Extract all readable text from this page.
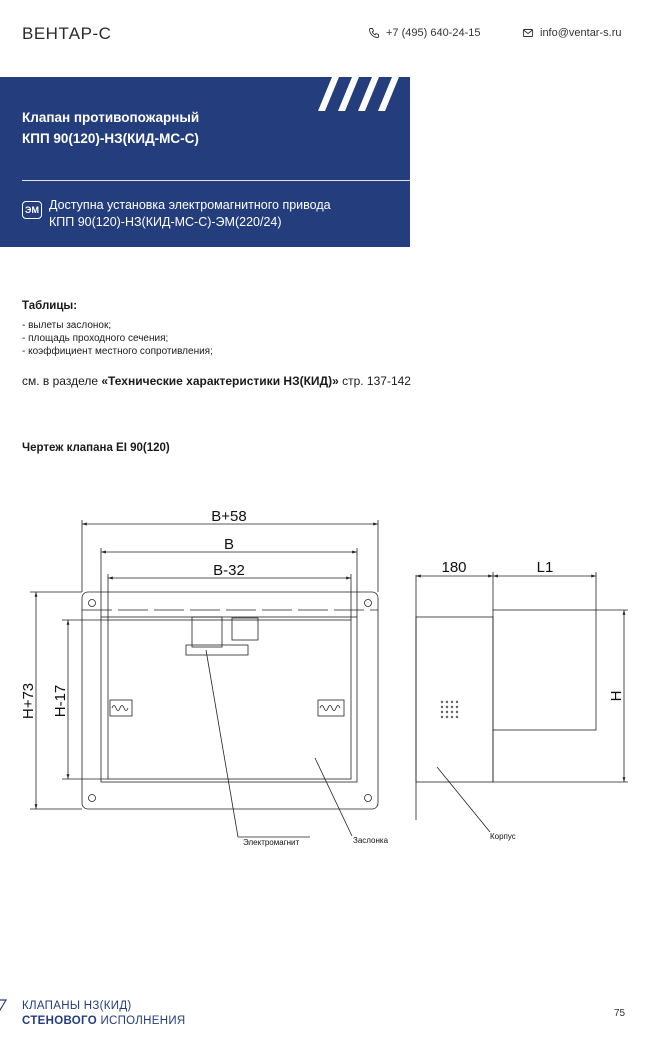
ВЕНТАР-С	+7 (495) 640-24-15	info@ventar-s.ru
Клапан противопожарный
КПП 90(120)-НЗ(КИД-МС-С)
ЭМ Доступна установка электромагнитного привода
КПП 90(120)-НЗ(КИД-МС-С)-ЭМ(220/24)
Таблицы:
- вылеты заслонок;
- площадь проходного сечения;
- коэффициент местного сопротивления;
см. в разделе «Технические характеристики НЗ(КИД)» стр. 137-142
Чертеж клапана EI 90(120)
B+58
B
B-32	180	L1
H+73 H-17	H
Электромагнит	Заслонка	Корпус
КЛАПАНЫ НЗ(КИД)
СТЕНОВОГО ИСПОЛНЕНИЯ
75
